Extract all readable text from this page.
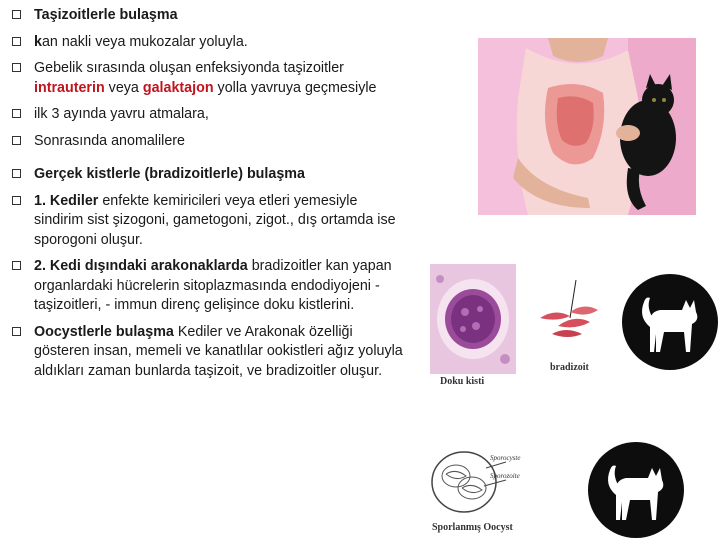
Taşizoitlerle bulaşma
kan nakli veya mukozalar yoluyla.
Gebelik sırasında oluşan enfeksiyonda taşizoitler intrauterin veya galaktajon yolla yavruya geçmesiyle
ilk 3 ayında yavru atmalara,
Sonrasında anomalilere
Gerçek kistlerle (bradizoitlerle) bulaşma
1. Kediler enfekte kemiricileri veya etleri yemesiyle sindirim sist şizogoni, gametogoni, zigot., dış ortamda ise sporogoni oluşur.
2. Kedi dışındaki arakonaklarda bradizoitler kan yapan organlardaki hücrelerin sitoplazmasında endodiyojeni - taşizoitleri, - immun direnç gelişince doku kistlerini.
Oocystlerle bulaşma Kediler ve Arakonak özelliği gösteren insan, memeli ve kanatlılar ookistleri ağız yoluyla aldıkları zaman bunlarda taşizoit, ve bradizoitler oluşur.
Doku kisti
bradizoit
Sporocyste
Sporozoite
Sporlanmış Oocyst
